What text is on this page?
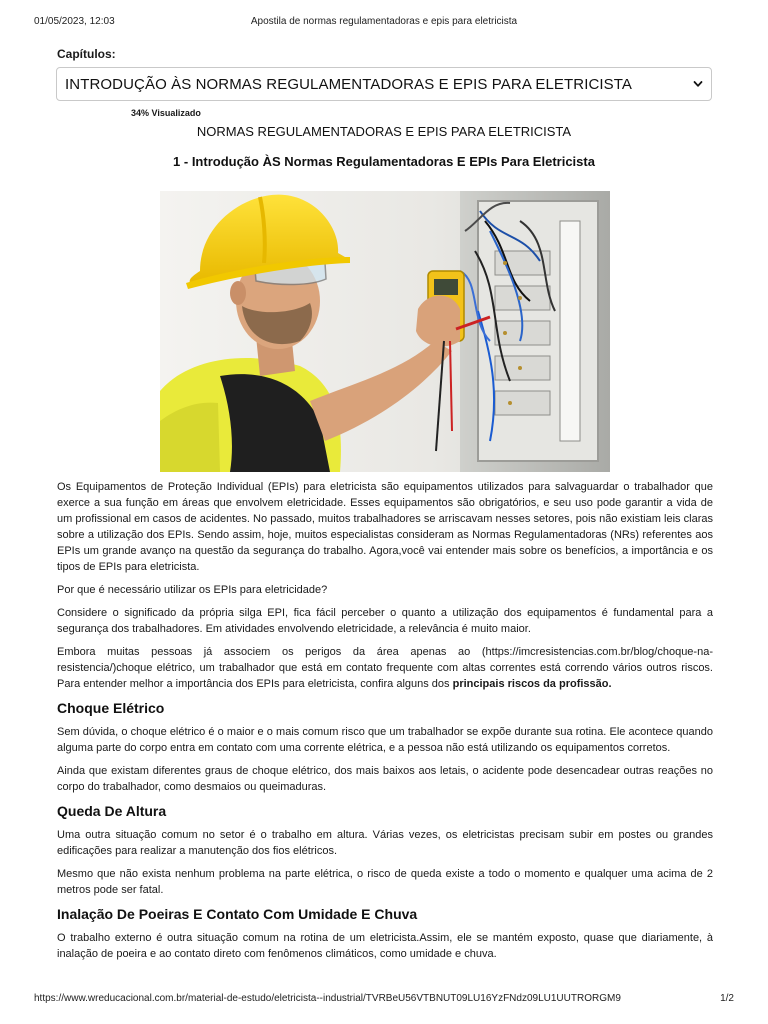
01/05/2023, 12:03	Apostila de normas regulamentadoras e epis para eletricista
Capítulos:
INTRODUÇÃO ÀS NORMAS REGULAMENTADORAS E EPIS PARA ELETRICISTA
34% Visualizado
NORMAS REGULAMENTADORAS E EPIS PARA ELETRICISTA
1 - Introdução ÀS Normas Regulamentadoras E EPIs Para Eletricista

Os Equipamentos de Proteção Individual (EPIs) para eletricista são equipamentos utilizados para salvaguardar o trabalhador que exerce a sua função em áreas que envolvem eletricidade. Esses equipamentos são obrigatórios, e seu uso pode garantir a vida de um profissional em casos de acidentes. No passado, muitos trabalhadores se arriscavam nesses setores, pois não existiam leis claras sobre a utilização dos EPIs. Sendo assim, hoje, muitos especialistas consideram as Normas Regulamentadoras (NRs) referentes aos EPIs um grande avanço na questão da segurança do trabalho. Agora,você vai entender mais sobre os benefícios, a importância e os tipos de EPIs para eletricista.

Por que é necessário utilizar os EPIs para eletricidade?

Considere o significado da própria silga EPI, fica fácil perceber o quanto a utilização dos equipamentos é fundamental para a segurança dos trabalhadores. Em atividades envolvendo eletricidade, a relevância é muito maior.

Embora muitas pessoas já associem os perigos da área apenas ao (https://imcresistencias.com.br/blog/choque-na-resistencia/)choque elétrico, um trabalhador que está em contato frequente com altas correntes está correndo vários outros riscos. Para entender melhor a importância dos EPIs para eletricista, confira alguns dos principais riscos da profissão.

Choque Elétrico

Sem dúvida, o choque elétrico é o maior e o mais comum risco que um trabalhador se expõe durante sua rotina. Ele acontece quando alguma parte do corpo entra em contato com uma corrente elétrica, e a pessoa não está utilizando os equipamentos corretos.

Ainda que existam diferentes graus de choque elétrico, dos mais baixos aos letais, o acidente pode desencadear outras reações no corpo do trabalhador, como desmaios ou queimaduras.

Queda De Altura

Uma outra situação comum no setor é o trabalho em altura. Várias vezes, os eletricistas precisam subir em postes ou grandes edificações para realizar a manutenção dos fios elétricos.

Mesmo que não exista nenhum problema na parte elétrica, o risco de queda existe a todo o momento e qualquer uma acima de 2 metros pode ser fatal.

Inalação De Poeiras E Contato Com Umidade E Chuva

O trabalho externo é outra situação comum na rotina de um eletricista.Assim, ele se mantém exposto, quase que diariamente, à inalação de poeira e ao contato direto com fenômenos climáticos, como umidade e chuva.

https://www.wreducacional.com.br/material-de-estudo/eletricista--industrial/TVRBeU56VTBNUT09LU16YzFNdz09LU1UUTRORGM9	1/2
